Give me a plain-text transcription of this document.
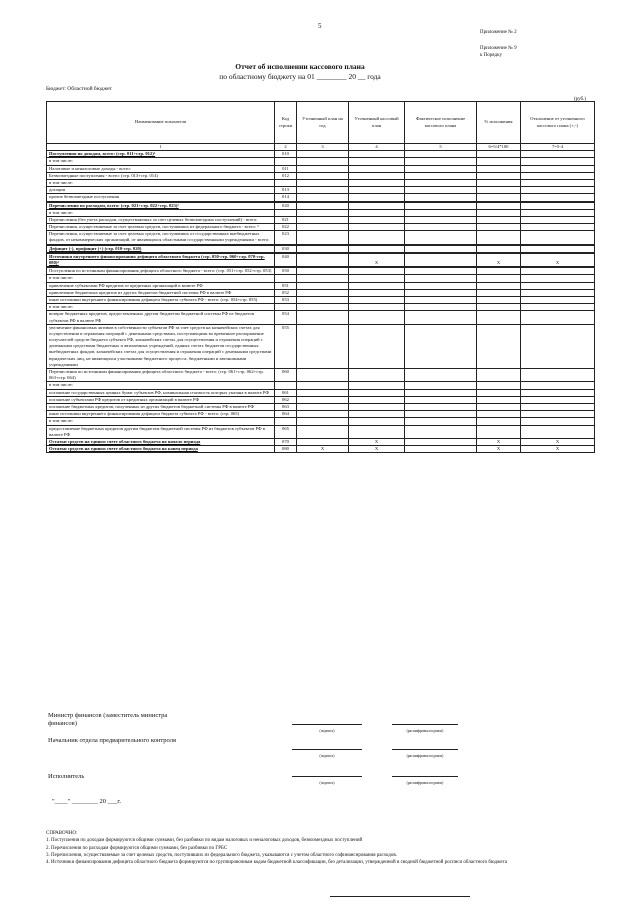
5
Приложение № 2
Приложение № 9
к Порядку
Отчет об исполнении кассового плана
по областному бюджету на 01 ________ 20 __ года
Бюджет: Областной бюджет
(руб.)
Наименование показателя	Код строки	Уточненный план на год	Уточненный кассовый план	Фактическое исполнение кассового плана	% исполнения	Отклонение от уточненного кассового плана (+,-)
1	2	3	4	5	6=5/4*100	7=5-4
Поступления по доходам, всего: (стр. 011+стр. 012)¹	010					
в том числе:						
Налоговые и неналоговые доходы - всего:	011					
Безвозмездные поступления - всего: (стр. 013+стр. 014)	012					
в том числе:						
дотации	013					
прочие безвозмездные поступления	014					

Перечисления по расходам, всего: (стр. 021+стр. 022+стр. 023)²	020					
в том числе:						
Перечисления (без учета расходов, осуществляемых за счет целевых безвозмездных поступлений) - всего:	021					
Перечисления, осуществляемые за счет целевых средств, поступивших из федерального бюджета - всего: ³	022					
Перечисления, осуществляемые за счет целевых средств, поступивших от государственных внебюджетных фондов, от некоммерческих организаций, от являющихся областными государственными учреждениями - всего:	023					

Дефицит (-), профицит (+) (стр. 010-стр. 020)	030					

Источники внутреннего финансирования дефицита областного бюджета (стр. 050-стр. 060+стр. 070-стр. 080)⁴	040		X		X	X

Поступления по источникам финансирования дефицита областного бюджета - всего: (стр. 051+стр. 052+стр. 053)	050					
в том числе:						
привлечение субъектами РФ кредитов от кредитных организаций в валюте РФ	051					
привлечение бюджетных кредитов из других бюджетов бюджетной системы РФ в валюте РФ	052					
иные источники внутреннего финансирования дефицита бюджета субъекта РФ - всего: (стр. 054+стр. 055)	053					
в том числе:						
возврат бюджетных кредитов, предоставленных другим бюджетам бюджетной системы РФ из бюджетов субъектов РФ в валюте РФ	054					
увеличение финансовых активов в собственности субъектов РФ за счет средств на казначейских счетах для осуществления и отражения операций с денежными средствами, поступающими во временное распоряжение получателей средств бюджета субъекта РФ, казначейских счетах для осуществления и отражения операций с денежными средствами бюджетных и автономных учреждений, единых счетах бюджетов государственных внебюджетных фондов, казначейских счетах для осуществления и отражения операций с денежными средствами юридических лиц, не являющихся участниками бюджетного процесса, бюджетными и автономными учреждениями	055					
Перечисления по источникам финансирования дефицита областного бюджета - всего: (стр. 061+стр. 062+стр. 063+стр. 064)	060					
в том числе:						
погашение государственных ценных бумаг субъектов РФ, номинальная стоимость которых указана в валюте РФ	061					
погашение субъектами РФ кредитов от кредитных организаций в валюте РФ	062					
погашение бюджетных кредитов, полученных из других бюджетов бюджетной системы РФ в валюте РФ	063					
иные источники внутреннего финансирования дефицита бюджета субъекта РФ - всего: (стр. 065)	064					
в том числе:						
предоставление бюджетных кредитов другим бюджетам бюджетной системы РФ из бюджетов субъектов РФ в валюте РФ	065					
Остатки средств на едином счете областного бюджета на начало периода	070		X		X	X
Остатки средств на едином счете областного бюджета на конец периода	080	X	X		X	X
Министр финансов (заместитель министра финансов)
(подпись)	(расшифровка подписи)
Начальник отдела предварительного контроля
(подпись)	(расшифровка подписи)
Исполнитель
(подпись)	(расшифровка подписи)
"____" ________ 20 ___г.
СПРАВОЧНО:
1. Поступления по доходам формируются общими суммами, без разбивки по видам налоговых и неналоговых доходов, безвозмездных поступлений
2. Перечисления по расходам формируются общими суммами, без разбивки по ГРБС
3. Перечисления, осуществляемые за счет целевых средств, поступивших из федерального бюджета, указываются с учетом областного софинансирования расходов.
4. Источники финансирования дефицита областного бюджета формируются по группировочным кодам бюджетной классификации, без детализации, утвержденной в сводной бюджетной росписи областного бюджета
